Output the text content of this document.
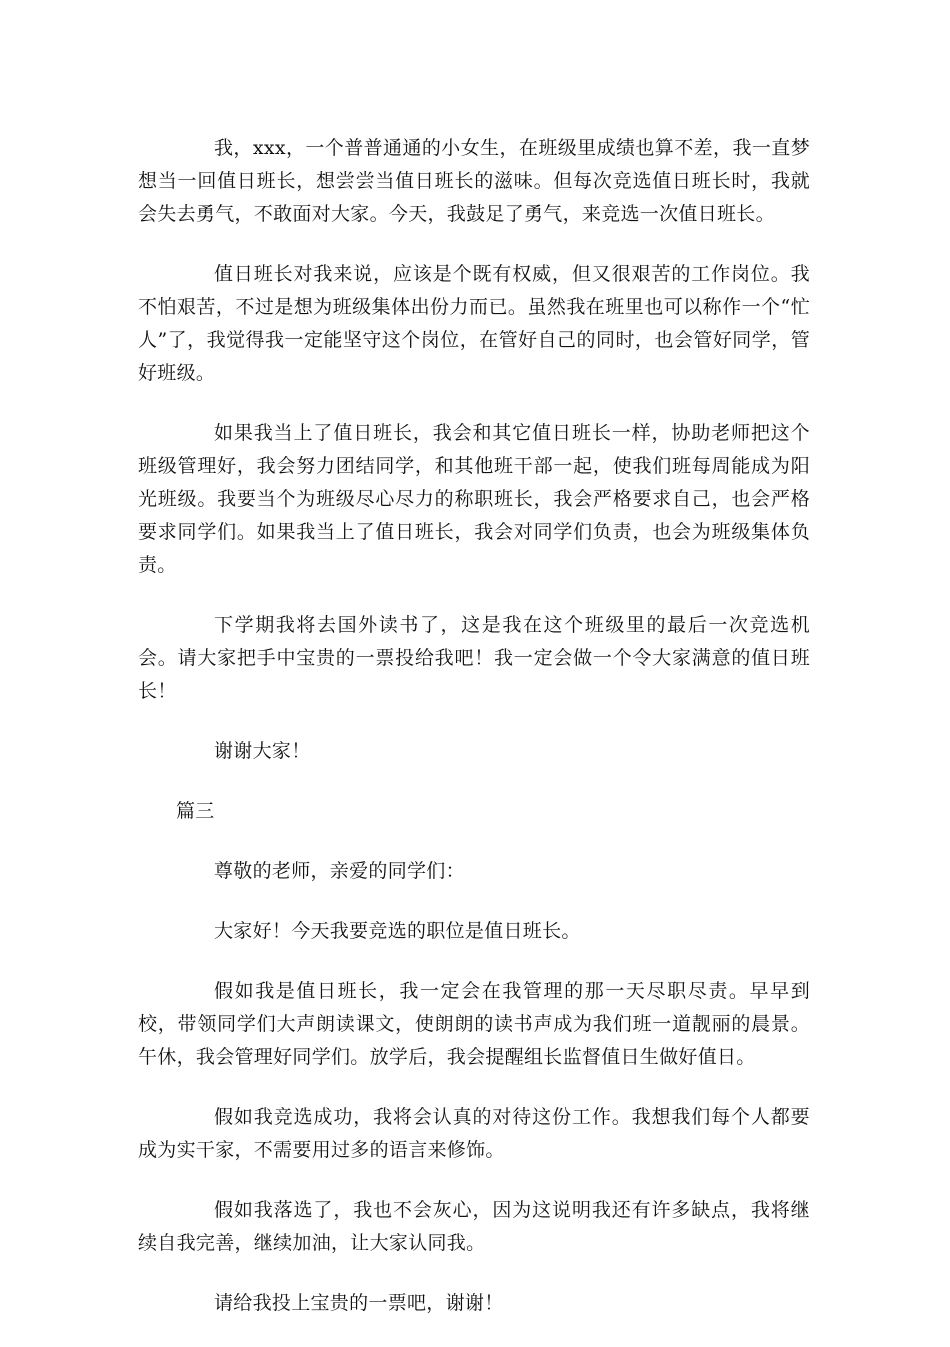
我，xxx，一个普普通通的小女生，在班级里成绩也算不差，我一直梦想当一回值日班长，想尝尝当值日班长的滋味。但每次竞选值日班长时，我就会失去勇气，不敢面对大家。今天，我鼓足了勇气，来竞选一次值日班长。

值日班长对我来说，应该是个既有权威，但又很艰苦的工作岗位。我不怕艰苦，不过是想为班级集体出份力而已。虽然我在班里也可以称作一个“忙人”了，我觉得我一定能坚守这个岗位，在管好自己的同时，也会管好同学，管好班级。

如果我当上了值日班长，我会和其它值日班长一样，协助老师把这个班级管理好，我会努力团结同学，和其他班干部一起，使我们班每周能成为阳光班级。我要当个为班级尽心尽力的称职班长，我会严格要求自己，也会严格要求同学们。如果我当上了值日班长，我会对同学们负责，也会为班级集体负责。

下学期我将去国外读书了，这是我在这个班级里的最后一次竞选机会。请大家把手中宝贵的一票投给我吧！我一定会做一个令大家满意的值日班长！

谢谢大家！

篇三

尊敬的老师，亲爱的同学们：

大家好！今天我要竞选的职位是值日班长。

假如我是值日班长，我一定会在我管理的那一天尽职尽责。早早到校，带领同学们大声朗读课文，使朗朗的读书声成为我们班一道靓丽的晨景。午休，我会管理好同学们。放学后，我会提醒组长监督值日生做好值日。

假如我竞选成功，我将会认真的对待这份工作。我想我们每个人都要成为实干家，不需要用过多的语言来修饰。

假如我落选了，我也不会灰心，因为这说明我还有许多缺点，我将继续自我完善，继续加油，让大家认同我。

请给我投上宝贵的一票吧，谢谢！
